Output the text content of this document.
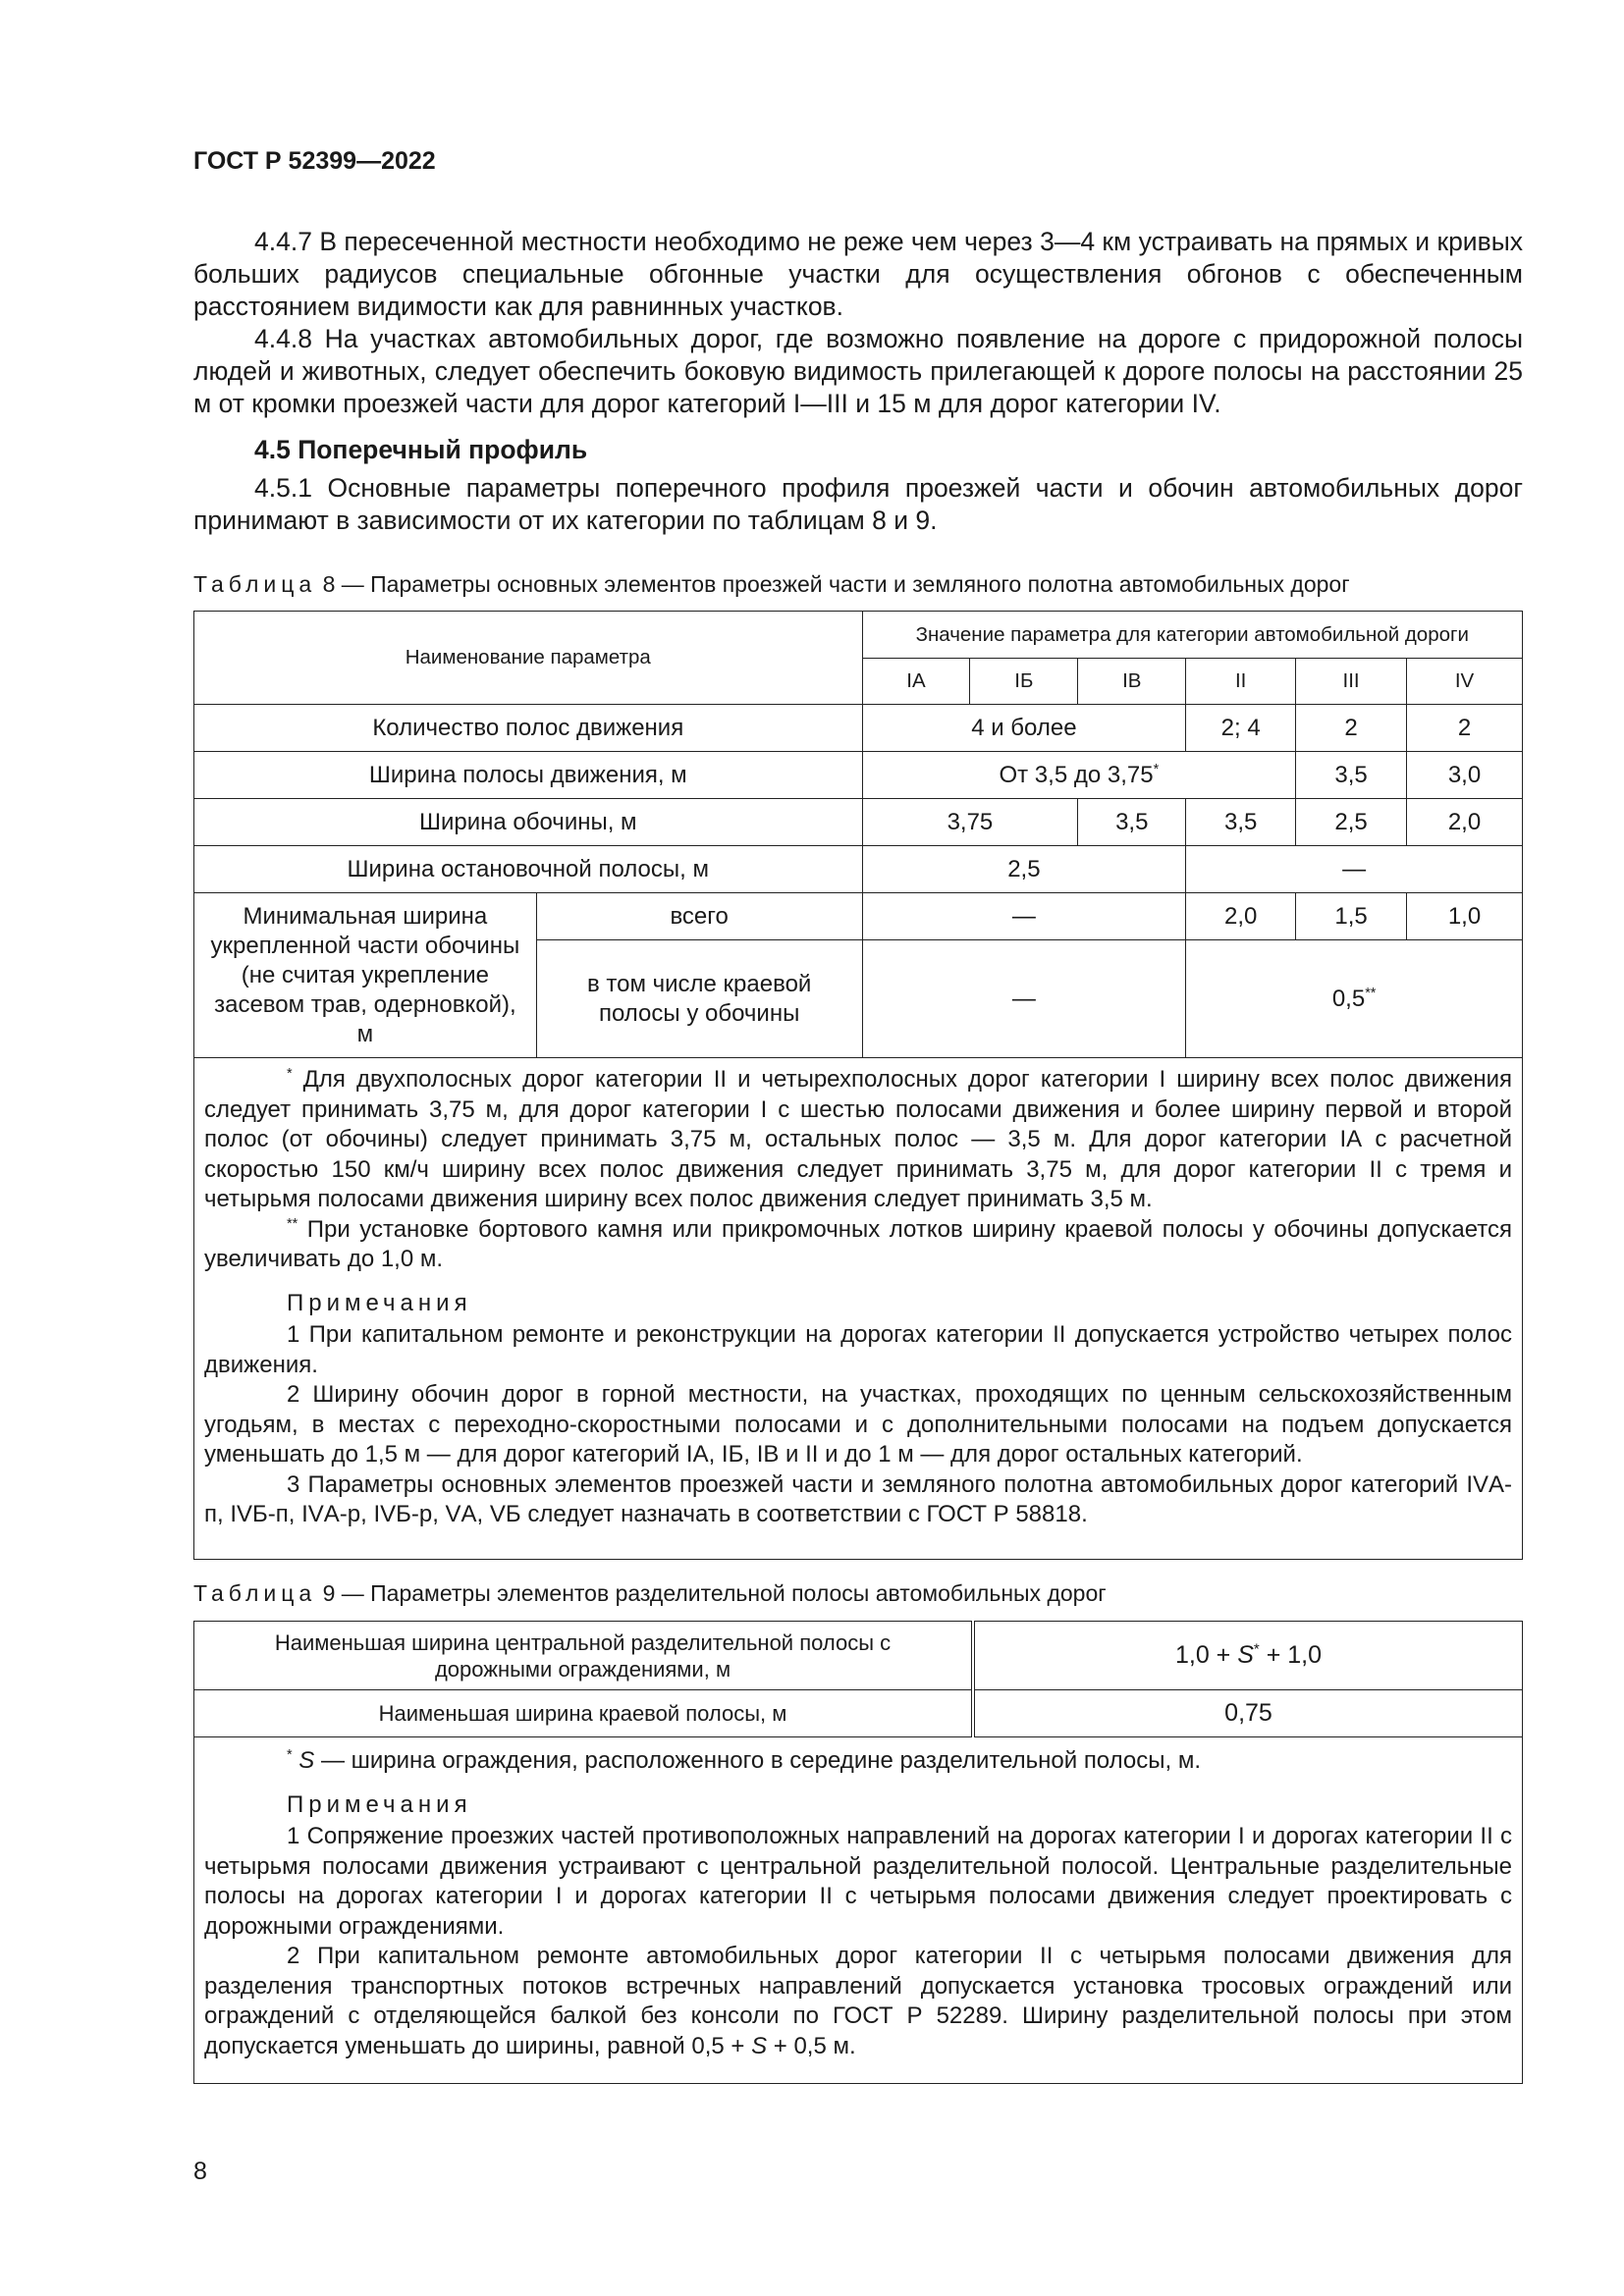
ГОСТ Р 52399—2022

4.4.7 В пересеченной местности необходимо не реже чем через 3—4 км устраивать на прямых и кривых больших радиусов специальные обгонные участки для осуществления обгонов с обеспеченным расстоянием видимости как для равнинных участков.

4.4.8 На участках автомобильных дорог, где возможно появление на дороге с придорожной полосы людей и животных, следует обеспечить боковую видимость прилегающей к дороге полосы на расстоянии 25 м от кромки проезжей части для дорог категорий I—III и 15 м для дорог категории IV.

4.5 Поперечный профиль

4.5.1 Основные параметры поперечного профиля проезжей части и обочин автомобильных дорог принимают в зависимости от их категории по таблицам 8 и 9.

Таблица 8 — Параметры основных элементов проезжей части и земляного полотна автомобильных дорог
Наименование параметра		Значение параметра для категории автомобильной дороги					
		IА	IБ	IВ	II	III	IV
Количество полос движения		4 и более			2; 4	2	2
Ширина полосы движения, м		От 3,5 до 3,75*				3,5	3,0
Ширина обочины, м		3,75		3,5	3,5	2,5	2,0
Ширина остановочной полосы, м		2,5			—		
Минимальная ширина укрепленной части обочины (не считая укрепление засевом трав, одерновкой), м	всего	—			2,0	1,5	1,0
	в том числе краевой полосы у обочины	—			0,5**

* Для двухполосных дорог категории II и четырехполосных дорог категории I ширину всех полос движения следует принимать 3,75 м, для дорог категории I с шестью полосами движения и более ширину первой и второй полос (от обочины) следует принимать 3,75 м, остальных полос — 3,5 м. Для дорог категории IА с расчетной скоростью 150 км/ч ширину всех полос движения следует принимать 3,75 м, для дорог категории II с тремя и четырьмя полосами движения ширину всех полос движения следует принимать 3,5 м.

** При установке бортового камня или прикромочных лотков ширину краевой полосы у обочины допускается увеличивать до 1,0 м.

Примечания

1 При капитальном ремонте и реконструкции на дорогах категории II допускается устройство четырех полос движения.

2 Ширину обочин дорог в горной местности, на участках, проходящих по ценным сельскохозяйственным угодьям, в местах с переходно-скоростными полосами и с дополнительными полосами на подъем допускается уменьшать до 1,5 м — для дорог категорий IА, IБ, IВ и II и до 1 м — для дорог остальных категорий.

3 Параметры основных элементов проезжей части и земляного полотна автомобильных дорог категорий IVА-п, IVБ-п, IVА-р, IVБ-р, VА, VБ следует назначать в соответствии с ГОСТ Р 58818.

Таблица 9 — Параметры элементов разделительной полосы автомобильных дорог
Наименьшая ширина центральной разделительной полосы с дорожными ограждениями, м	1,0 + S* + 1,0
Наименьшая ширина краевой полосы, м	0,75

* S — ширина ограждения, расположенного в середине разделительной полосы, м.

Примечания

1 Сопряжение проезжих частей противоположных направлений на дорогах категории I и дорогах категории II с четырьмя полосами движения устраивают с центральной разделительной полосой. Центральные разделительные полосы на дорогах категории I и дорогах категории II с четырьмя полосами движения следует проектировать с дорожными ограждениями.

2 При капитальном ремонте автомобильных дорог категории II с четырьмя полосами движения для разделения транспортных потоков встречных направлений допускается установка тросовых ограждений или ограждений с отделяющейся балкой без консоли по ГОСТ Р 52289. Ширину разделительной полосы при этом допускается уменьшать до ширины, равной 0,5 + S + 0,5 м.

8
